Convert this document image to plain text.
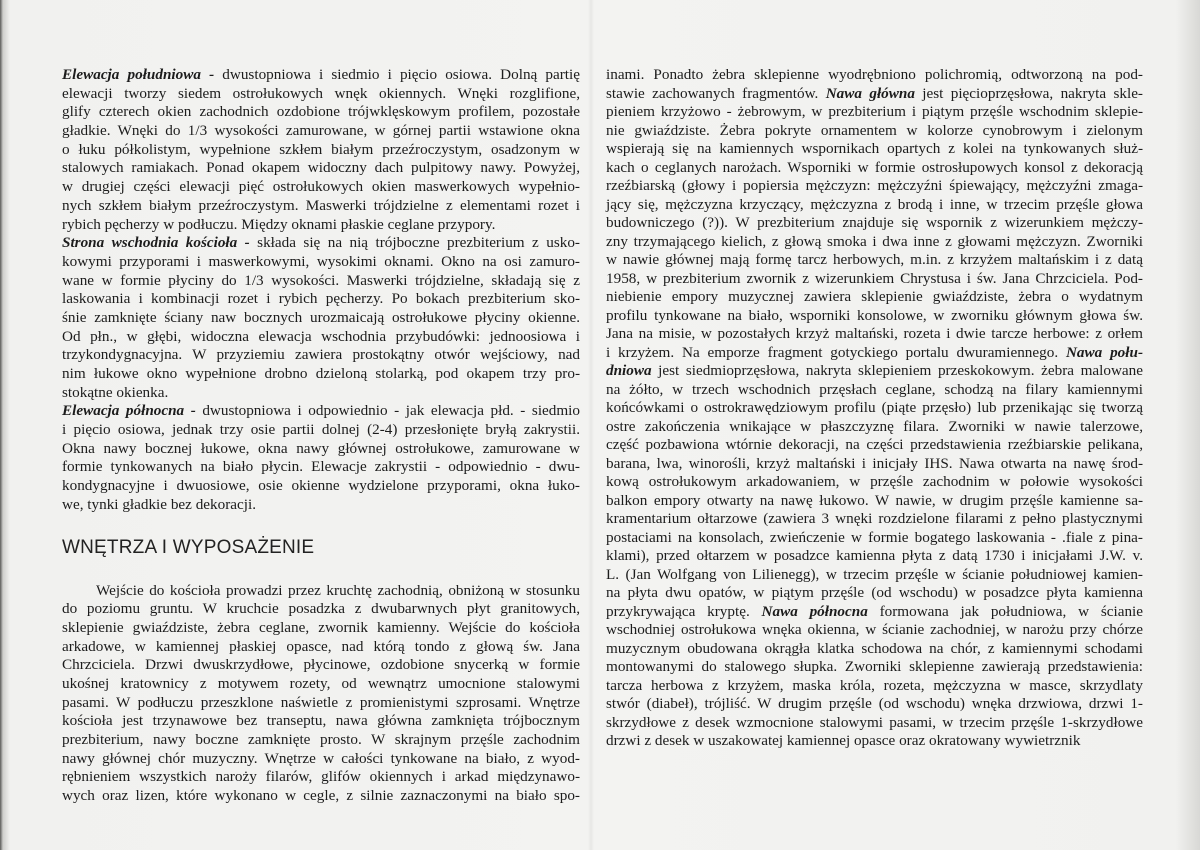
Elewacja południowa - dwustopniowa i siedmio i pięcio osiowa. Dolną partię
elewacji tworzy siedem ostrołukowych wnęk okiennych. Wnęki rozglifione,
glify czterech okien zachodnich ozdobione trójwklęskowym profilem, pozostałe
gładkie. Wnęki do 1/3 wysokości zamurowane, w górnej partii wstawione okna
o łuku półkolistym, wypełnione szkłem białym przeźroczystym, osadzonym w
stalowych ramiakach. Ponad okapem widoczny dach pulpitowy nawy. Powyżej,
w drugiej części elewacji pięć ostrołukowych okien maswerkowych wypełnio-
nych szkłem białym przeźroczystym. Maswerki trójdzielne z elementami rozet i
rybich pęcherzy w podłuczu. Między oknami płaskie ceglane przypory.
Strona wschodnia kościoła - składa się na nią trójboczne prezbiterium z usko-
kowymi przyporami i maswerkowymi, wysokimi oknami. Okno na osi zamuro-
wane w formie płyciny do 1/3 wysokości. Maswerki trójdzielne, składają się z
laskowania i kombinacji rozet i rybich pęcherzy. Po bokach prezbiterium sko-
śnie zamknięte ściany naw bocznych urozmaicają ostrołukowe płyciny okienne.
Od płn., w głębi, widoczna elewacja wschodnia przybudówki: jednoosiowa i
trzykondygnacyjna. W przyziemiu zawiera prostokątny otwór wejściowy, nad
nim łukowe okno wypełnione drobno dzieloną stolarką, pod okapem trzy pro-
stokątne okienka.
Elewacja północna - dwustopniowa i odpowiednio - jak elewacja płd. - siedmio
i pięcio osiowa, jednak trzy osie partii dolnej (2-4) przesłonięte bryłą zakrystii.
Okna nawy bocznej łukowe, okna nawy głównej ostrołukowe, zamurowane w
formie tynkowanych na biało płycin. Elewacje zakrystii - odpowiednio - dwu-
kondygnacyjne i dwuosiowe, osie okienne wydzielone przyporami, okna łuko-
we, tynki gładkie bez dekoracji.
WNĘTRZA I WYPOSAŻENIE
Wejście do kościoła prowadzi przez kruchtę zachodnią, obniżoną w stosunku
do poziomu gruntu. W kruchcie posadzka z dwubarwnych płyt granitowych,
sklepienie gwiaździste, żebra ceglane, zwornik kamienny. Wejście do kościoła
arkadowe, w kamiennej płaskiej opasce, nad którą tondo z głową św. Jana
Chrzciciela. Drzwi dwuskrzydłowe, płycinowe, ozdobione snycerką w formie
ukośnej kratownicy z motywem rozety, od wewnątrz umocnione stalowymi
pasami. W podłuczu przeszklone naświetle z promienistymi szprosami. Wnętrze
kościoła jest trzynawowe bez transeptu, nawa główna zamknięta trójbocznym
prezbiterium, nawy boczne zamknięte prosto. W skrajnym przęśle zachodnim
nawy głównej chór muzyczny. Wnętrze w całości tynkowane na biało, z wyod-
rębnieniem wszystkich naroży filarów, glifów okiennych i arkad międzynawo-
wych oraz lizen, które wykonano w cegle, z silnie zaznaczonymi na biało spo-
inami. Ponadto żebra sklepienne wyodrębniono polichromią, odtworzoną na pod-
stawie zachowanych fragmentów. Nawa główna jest pięcioprzęsłowa, nakryta skle-
pieniem krzyżowo - żebrowym, w prezbiterium i piątym przęśle wschodnim sklepie-
nie gwiaździste. Żebra pokryte ornamentem w kolorze cynobrowym i zielonym
wspierają się na kamiennych wspornikach opartych z kolei na tynkowanych służ-
kach o ceglanych narożach. Wsporniki w formie ostrosłupowych konsol z dekoracją
rzeźbiarską (głowy i popiersia mężczyzn: mężczyźni śpiewający, mężczyźni zmaga-
jący się, mężczyzna krzyczący, mężczyzna z brodą i inne, w trzecim przęśle głowa
budowniczego (?)). W prezbiterium znajduje się wspornik z wizerunkiem mężczy-
zny trzymającego kielich, z głową smoka i dwa inne z głowami mężczyzn. Zworniki
w nawie głównej mają formę tarcz herbowych, m.in. z krzyżem maltańskim i z datą
1958, w prezbiterium zwornik z wizerunkiem Chrystusa i św. Jana Chrzciciela. Pod-
niebienie empory muzycznej zawiera sklepienie gwiaździste, żebra o wydatnym
profilu tynkowane na biało, wsporniki konsolowe, w zworniku głównym głowa św.
Jana na misie, w pozostałych krzyż maltański, rozeta i dwie tarcze herbowe: z orłem
i krzyżem. Na emporze fragment gotyckiego portalu dwuramiennego. Nawa połu-
dniowa jest siedmioprzęsłowa, nakryta sklepieniem przeskokowym. żebra malowane
na żółto, w trzech wschodnich przęsłach ceglane, schodzą na filary kamiennymi
końcówkami o ostrokrawędziowym profilu (piąte przęsło) lub przenikając się tworzą
ostre zakończenia wnikające w płaszczyznę filara. Zworniki w nawie talerzowe,
część pozbawiona wtórnie dekoracji, na części przedstawienia rzeźbiarskie pelikana,
barana, lwa, winorośli, krzyż maltański i inicjały IHS. Nawa otwarta na nawę środ-
kową ostrołukowym arkadowaniem, w przęśle zachodnim w połowie wysokości
balkon empory otwarty na nawę łukowo. W nawie, w drugim przęśle kamienne sa-
kramentarium ołtarzowe (zawiera 3 wnęki rozdzielone filarami z pełno plastycznymi
postaciami na konsolach, zwieńczenie w formie bogatego laskowania - .fiale z pina-
klami), przed ołtarzem w posadzce kamienna płyta z datą 1730 i inicjałami J.W. v.
L. (Jan Wolfgang von Lilienegg), w trzecim przęśle w ścianie południowej kamien-
na płyta dwu opatów, w piątym przęśle (od wschodu) w posadzce płyta kamienna
przykrywająca kryptę. Nawa północna formowana jak południowa, w ścianie
wschodniej ostrołukowa wnęka okienna, w ścianie zachodniej, w narożu przy chórze
muzycznym obudowana okrągła klatka schodowa na chór, z kamiennymi schodami
montowanymi do stalowego słupka. Zworniki sklepienne zawierają przedstawienia:
tarcza herbowa z krzyżem, maska króla, rozeta, mężczyzna w masce, skrzydlaty
stwór (diabeł), trójliść. W drugim przęśle (od wschodu) wnęka drzwiowa, drzwi 1-
skrzydłowe z desek wzmocnione stalowymi pasami, w trzecim przęśle 1-skrzydłowe
drzwi z desek w uszakowatej kamiennej opasce oraz okratowany wywietrznik
